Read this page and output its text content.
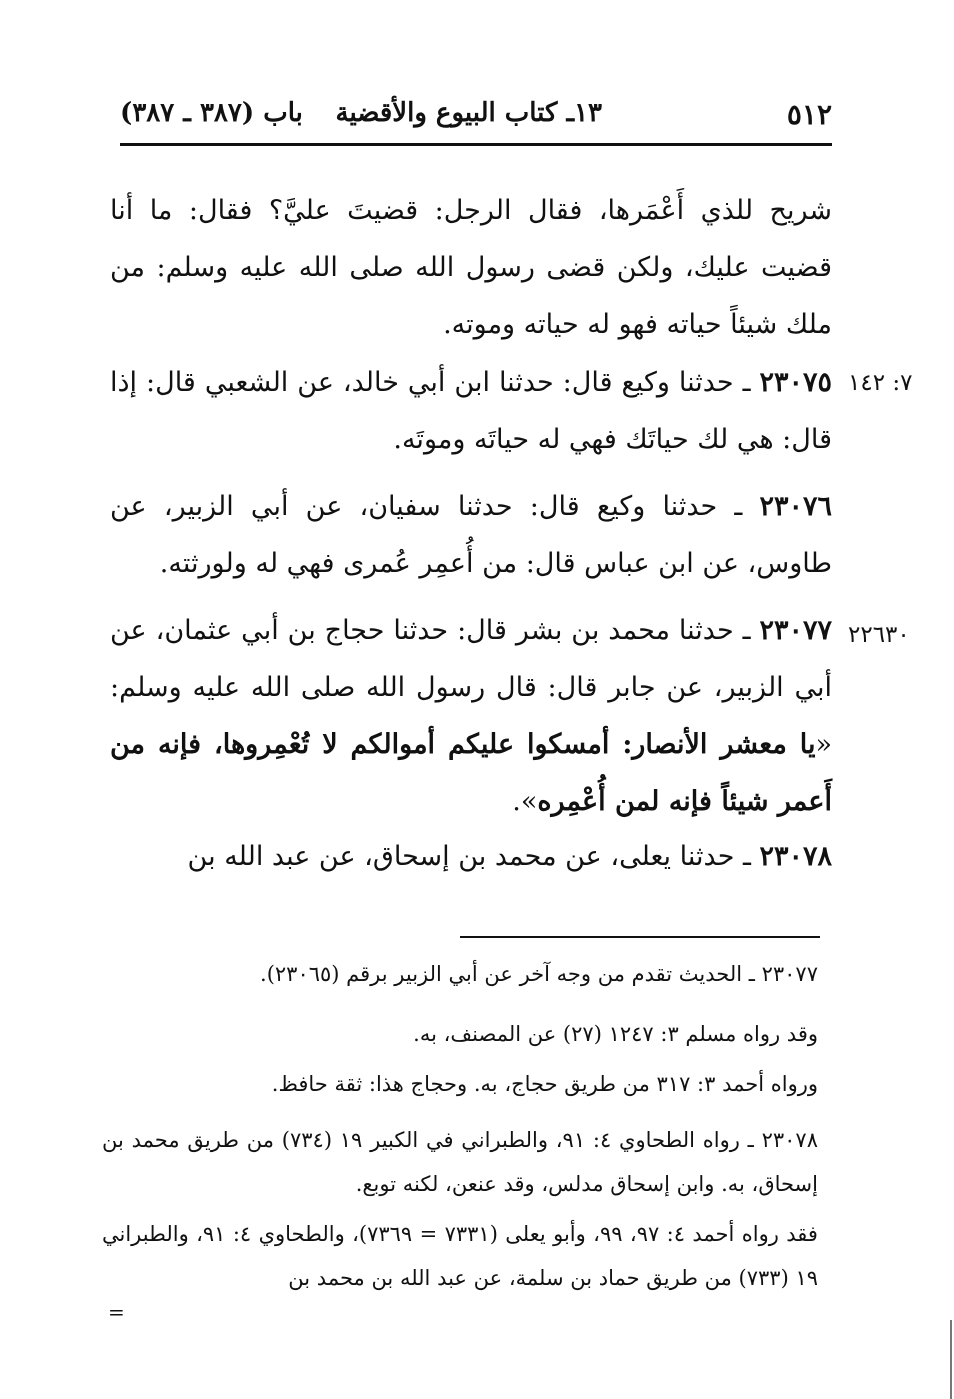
٥١٢
١٣ـ كتاب البيوع والأقضية
باب (٣٨٧ ـ ٣٨٧)
شريح للذي أَعْمَرها، فقال الرجل: قضيتَ عليَّ؟ فقال: ما أنا قضيت عليك، ولكن قضى رسول الله صلى الله عليه وسلم: من ملك شيئاً حياته فهو له حياته وموته.
٧: ١٤٢
٢٣٠٧٥ ـ حدثنا وكيع قال: حدثنا ابن أبي خالد، عن الشعبي قال: إذا قال: هي لك حياتَك فهي له حياتَه وموتَه.
٢٣٠٧٦ ـ حدثنا وكيع قال: حدثنا سفيان، عن أبي الزبير، عن طاوس، عن ابن عباس قال: من أُعمِر عُمرى فهي له ولورثته.
٢٢٦٣٠
٢٣٠٧٧ ـ حدثنا محمد بن بشر قال: حدثنا حجاج بن أبي عثمان، عن أبي الزبير، عن جابر قال: قال رسول الله صلى الله عليه وسلم: «يا معشر الأنصار: أمسكوا عليكم أموالكم لا تُعْمِروها، فإنه من أَعمر شيئاً فإنه لمن أُعْمِره».
٢٣٠٧٨ ـ حدثنا يعلى، عن محمد بن إسحاق، عن عبد الله بن
٢٣٠٧٧ ـ الحديث تقدم من وجه آخر عن أبي الزبير برقم (٢٣٠٦٥).
وقد رواه مسلم ٣: ١٢٤٧ (٢٧) عن المصنف، به.
ورواه أحمد ٣: ٣١٧ من طريق حجاج، به. وحجاج هذا: ثقة حافظ.
٢٣٠٧٨ ـ رواه الطحاوي ٤: ٩١، والطبراني في الكبير ١٩ (٧٣٤) من طريق محمد بن إسحاق، به. وابن إسحاق مدلس، وقد عنعن، لكنه توبع.
فقد رواه أحمد ٤: ٩٧، ٩٩، وأبو يعلى (٧٣٣١ = ٧٣٦٩)، والطحاوي ٤: ٩١، والطبراني ١٩ (٧٣٣) من طريق حماد بن سلمة، عن عبد الله بن محمد بن
=
